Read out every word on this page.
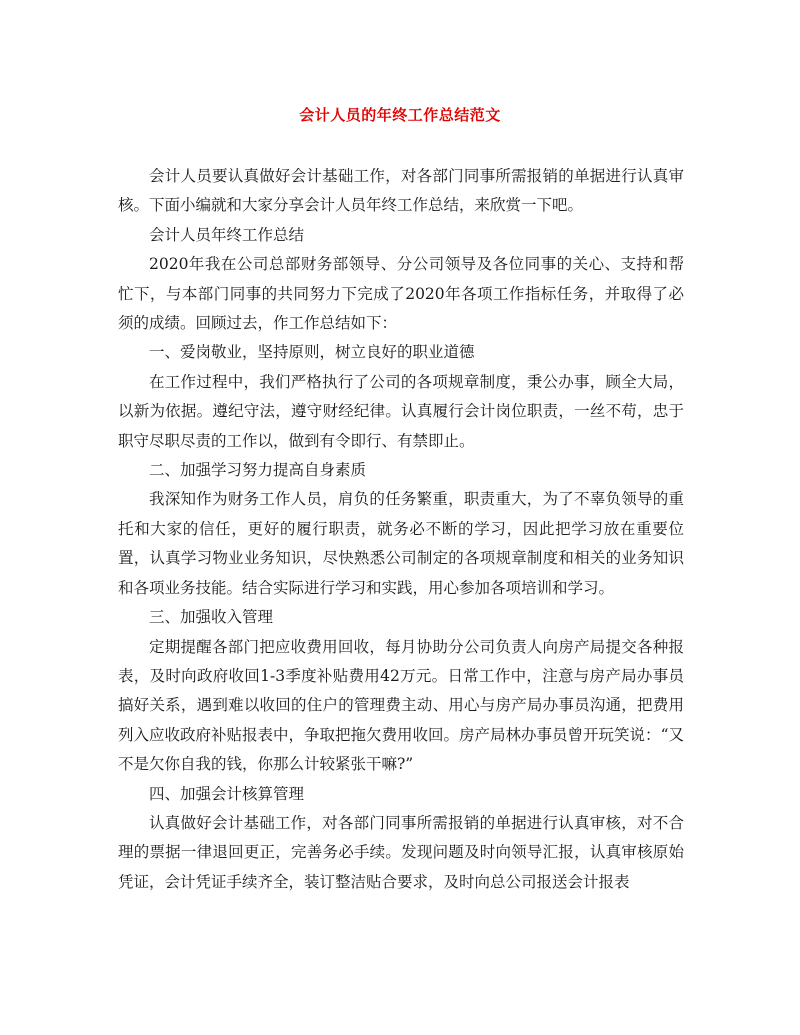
会计人员的年终工作总结范文

会计人员要认真做好会计基础工作，对各部门同事所需报销的单据进行认真审核。下面小编就和大家分享会计人员年终工作总结，来欣赏一下吧。

会计人员年终工作总结

2020年我在公司总部财务部领导、分公司领导及各位同事的关心、支持和帮忙下，与本部门同事的共同努力下完成了2020年各项工作指标任务，并取得了必须的成绩。回顾过去，作工作总结如下：

一、爱岗敬业，坚持原则，树立良好的职业道德

在工作过程中，我们严格执行了公司的各项规章制度，秉公办事，顾全大局，以新为依据。遵纪守法，遵守财经纪律。认真履行会计岗位职责，一丝不苟，忠于职守尽职尽责的工作以，做到有令即行、有禁即止。

二、加强学习努力提高自身素质

我深知作为财务工作人员，肩负的任务繁重，职责重大，为了不辜负领导的重托和大家的信任，更好的履行职责，就务必不断的学习，因此把学习放在重要位置，认真学习物业业务知识，尽快熟悉公司制定的各项规章制度和相关的业务知识和各项业务技能。结合实际进行学习和实践，用心参加各项培训和学习。

三、加强收入管理

定期提醒各部门把应收费用回收，每月协助分公司负责人向房产局提交各种报表，及时向政府收回1-3季度补贴费用42万元。日常工作中，注意与房产局办事员搞好关系，遇到难以收回的住户的管理费主动、用心与房产局办事员沟通，把费用列入应收政府补贴报表中，争取把拖欠费用收回。房产局林办事员曾开玩笑说：“又不是欠你自我的钱，你那么计较紧张干嘛?”

四、加强会计核算管理

认真做好会计基础工作，对各部门同事所需报销的单据进行认真审核，对不合理的票据一律退回更正，完善务必手续。发现问题及时向领导汇报，认真审核原始凭证，会计凭证手续齐全，装订整洁贴合要求，及时向总公司报送会计报表
